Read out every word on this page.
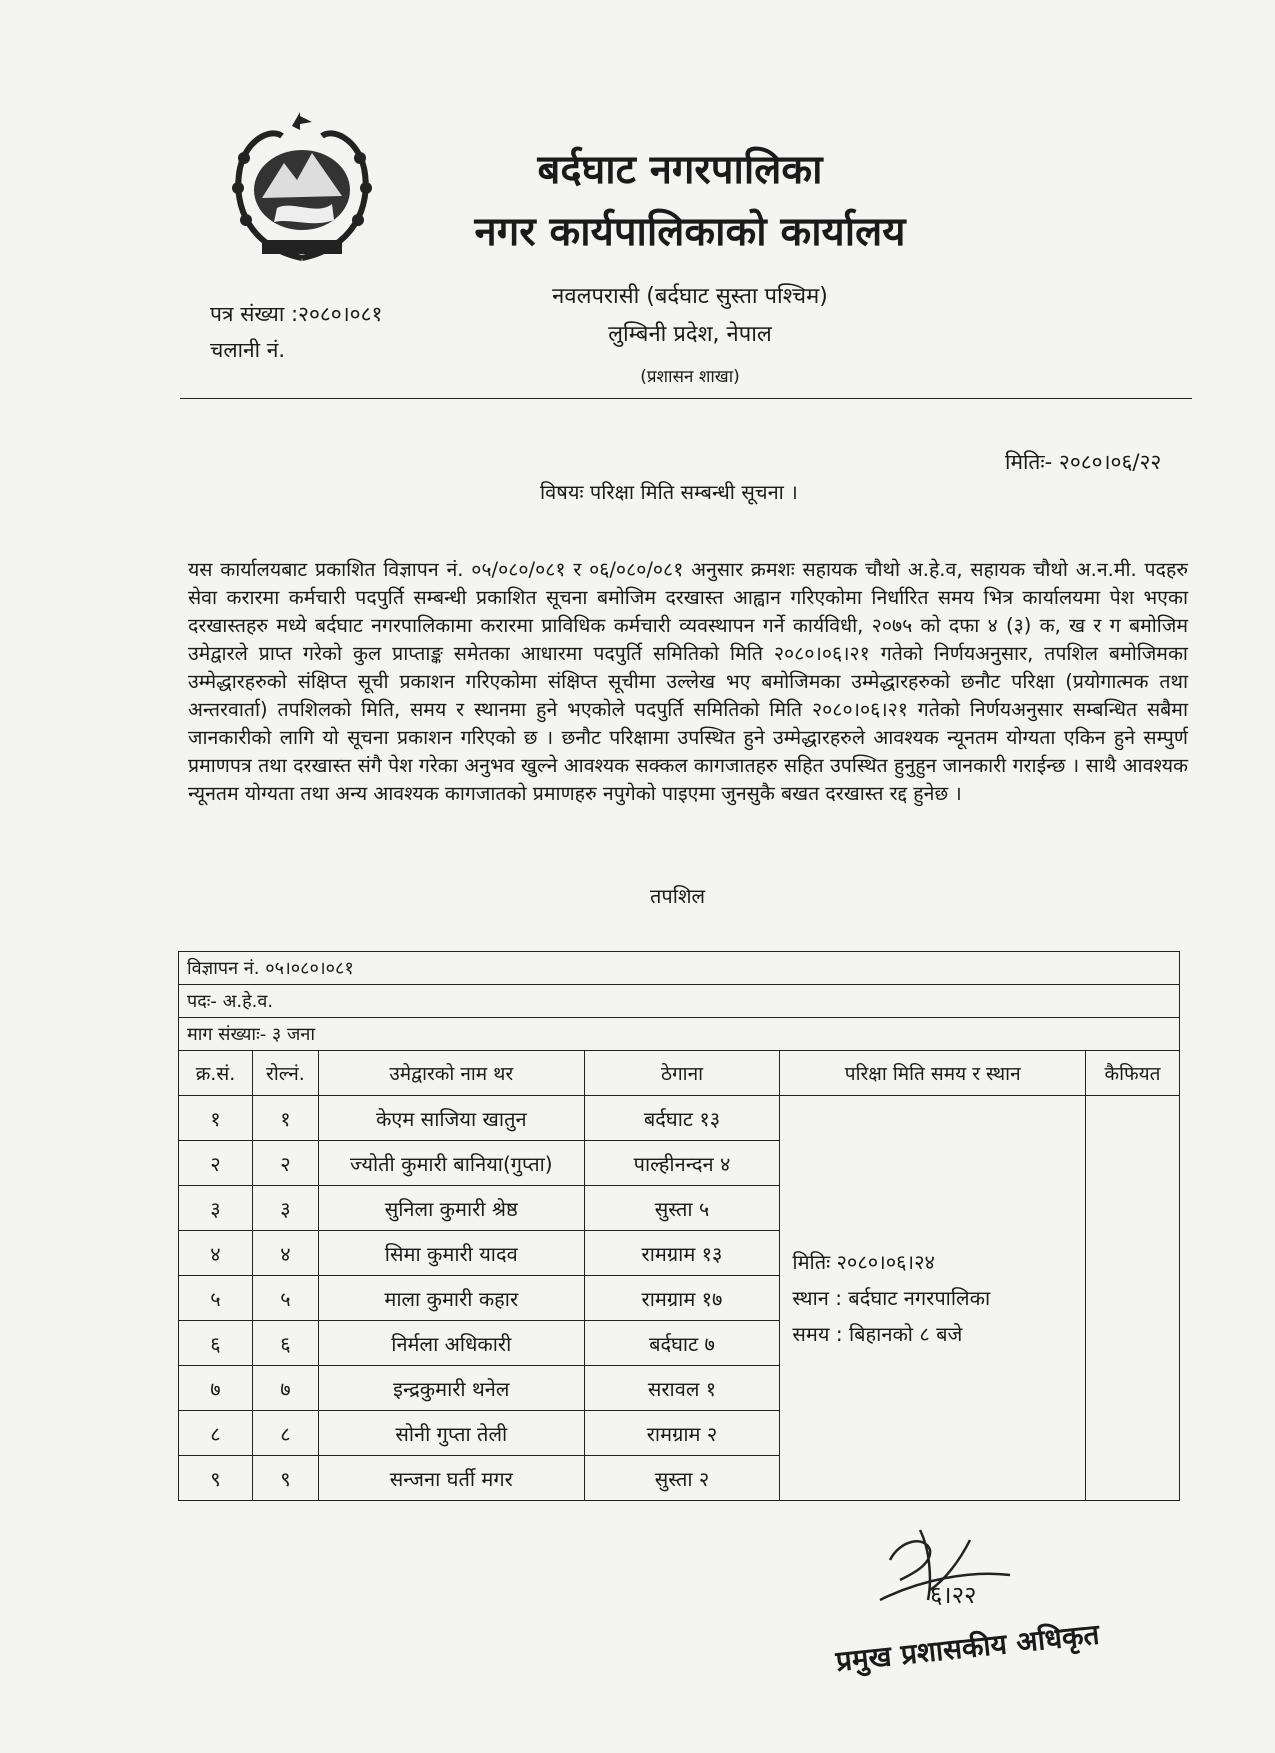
बर्दघाट नगरपालिका
नगर कार्यपालिकाको कार्यालय
नवलपरासी (बर्दघाट सुस्ता पश्चिम)
लुम्बिनी प्रदेश, नेपाल
(प्रशासन शाखा)
पत्र संख्या :२०८०।०८१
चलानी नं.
मितिः- २०८०।०६/२२
विषयः परिक्षा मिति सम्बन्धी सूचना ।
यस कार्यालयबाट प्रकाशित विज्ञापन नं. ०५/०८०/०८१ र ०६/०८०/०८१ अनुसार क्रमशः सहायक चौथो अ.हे.व, सहायक चौथो अ.न.मी. पदहरु सेवा करारमा कर्मचारी पदपुर्ति सम्बन्धी प्रकाशित सूचना बमोजिम दरखास्त आह्वान गरिएकोमा निर्धारित समय भित्र कार्यालयमा पेश भएका दरखास्तहरु मध्ये बर्दघाट नगरपालिकामा करारमा प्राविधिक कर्मचारी व्यवस्थापन गर्ने कार्यविधी, २०७५ को दफा ४ (३) क, ख र ग बमोजिम उमेद्वारले प्राप्त गरेको कुल प्राप्ताङ्क समेतका आधारमा पदपुर्ति समितिको मिति २०८०।०६।२१ गतेको निर्णयअनुसार, तपशिल बमोजिमका उम्मेद्धारहरुको संक्षिप्त सूची प्रकाशन गरिएकोमा संक्षिप्त सूचीमा उल्लेख भए बमोजिमका उम्मेद्धारहरुको छनौट परिक्षा (प्रयोगात्मक तथा अन्तरवार्ता) तपशिलको मिति, समय र स्थानमा हुने भएकोले पदपुर्ति समितिको मिति २०८०।०६।२१ गतेको निर्णयअनुसार सम्बन्धित सबैमा जानकारीको लागि यो सूचना प्रकाशन गरिएको छ । छनौट परिक्षामा उपस्थित हुने उम्मेद्धारहरुले आवश्यक न्यूनतम योग्यता एकिन हुने सम्पुर्ण प्रमाणपत्र तथा दरखास्त संगै पेश गरेका अनुभव खुल्ने आवश्यक सक्कल कागजातहरु सहित उपस्थित हुनुहुन जानकारी गराईन्छ । साथै आवश्यक न्यूनतम योग्यता तथा अन्य आवश्यक कागजातको प्रमाणहरु नपुगेको पाइएमा जुनसुकै बखत दरखास्त रद्द हुनेछ ।
तपशिल
विज्ञापन नं. ०५।०८०।०८१					
पदः- अ.हे.व.					
माग संख्याः- ३ जना					
क्र.सं.	रोल्नं.	उमेद्वारको नाम थर	ठेगाना	परिक्षा मिति समय र स्थान	कैफियत
१	१	केएम साजिया खातुन	बर्दघाट १३	मितिः २०८०।०६।२४
स्थान : बर्दघाट नगरपालिका
समय : बिहानको ८ बजे	

२	२	ज्योती कुमारी बानिया(गुप्ता)	पाल्हीनन्दन ४		
३	३	सुनिला कुमारी श्रेष्ठ	सुस्ता ५		
४	४	सिमा कुमारी यादव	रामग्राम १३		
५	५	माला कुमारी कहार	रामग्राम १७		
६	६	निर्मला अधिकारी	बर्दघाट ७		
७	७	इन्द्रकुमारी थनेल	सरावल १		
८	८	सोनी गुप्ता तेली	रामग्राम २		
९	९	सन्जना घर्ती मगर	सुस्ता २		
६।२२
प्रमुख प्रशासकीय अधिकृत
